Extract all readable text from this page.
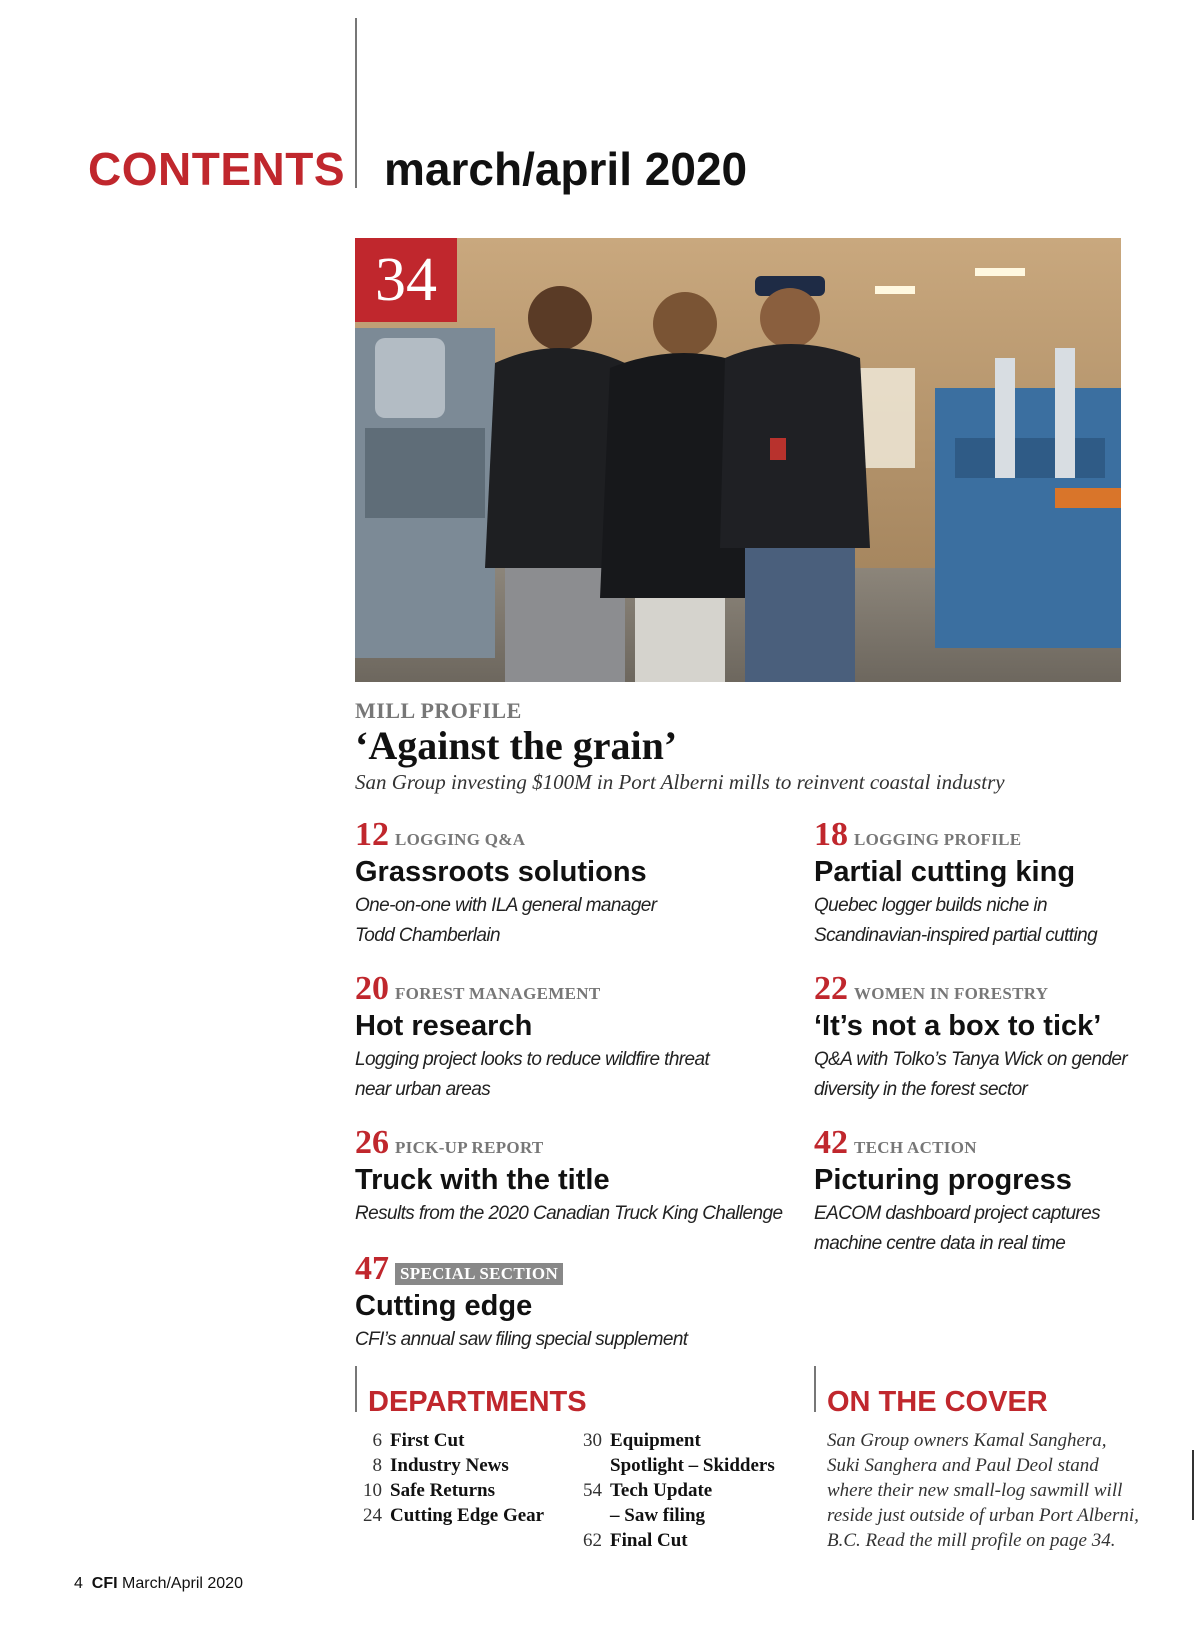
CONTENTS march/april 2020
34
MILL PROFILE
‘Against the grain’
San Group investing $100M in Port Alberni mills to reinvent coastal industry
12 LOGGING Q&A
Grassroots solutions
One-on-one with ILA general manager
Todd Chamberlain
18 LOGGING PROFILE
Partial cutting king
Quebec logger builds niche in
Scandinavian-inspired partial cutting
20 FOREST MANAGEMENT
Hot research
Logging project looks to reduce wildfire threat
near urban areas
22 WOMEN IN FORESTRY
‘It’s not a box to tick’
Q&A with Tolko’s Tanya Wick on gender
diversity in the forest sector
26 PICK-UP REPORT
Truck with the title
Results from the 2020 Canadian Truck King Challenge
42 TECH ACTION
Picturing progress
EACOM dashboard project captures
machine centre data in real time
47 SPECIAL SECTION
Cutting edge
CFI’s annual saw filing special supplement
DEPARTMENTS
6 First Cut
8 Industry News
10 Safe Returns
24 Cutting Edge Gear
30 Equipment
Spotlight – Skidders
54 Tech Update
– Saw filing
62 Final Cut
ON THE COVER
San Group owners Kamal Sanghera,
Suki Sanghera and Paul Deol stand
where their new small-log sawmill will
reside just outside of urban Port Alberni,
B.C. Read the mill profile on page 34.
4 CFI March/April 2020
